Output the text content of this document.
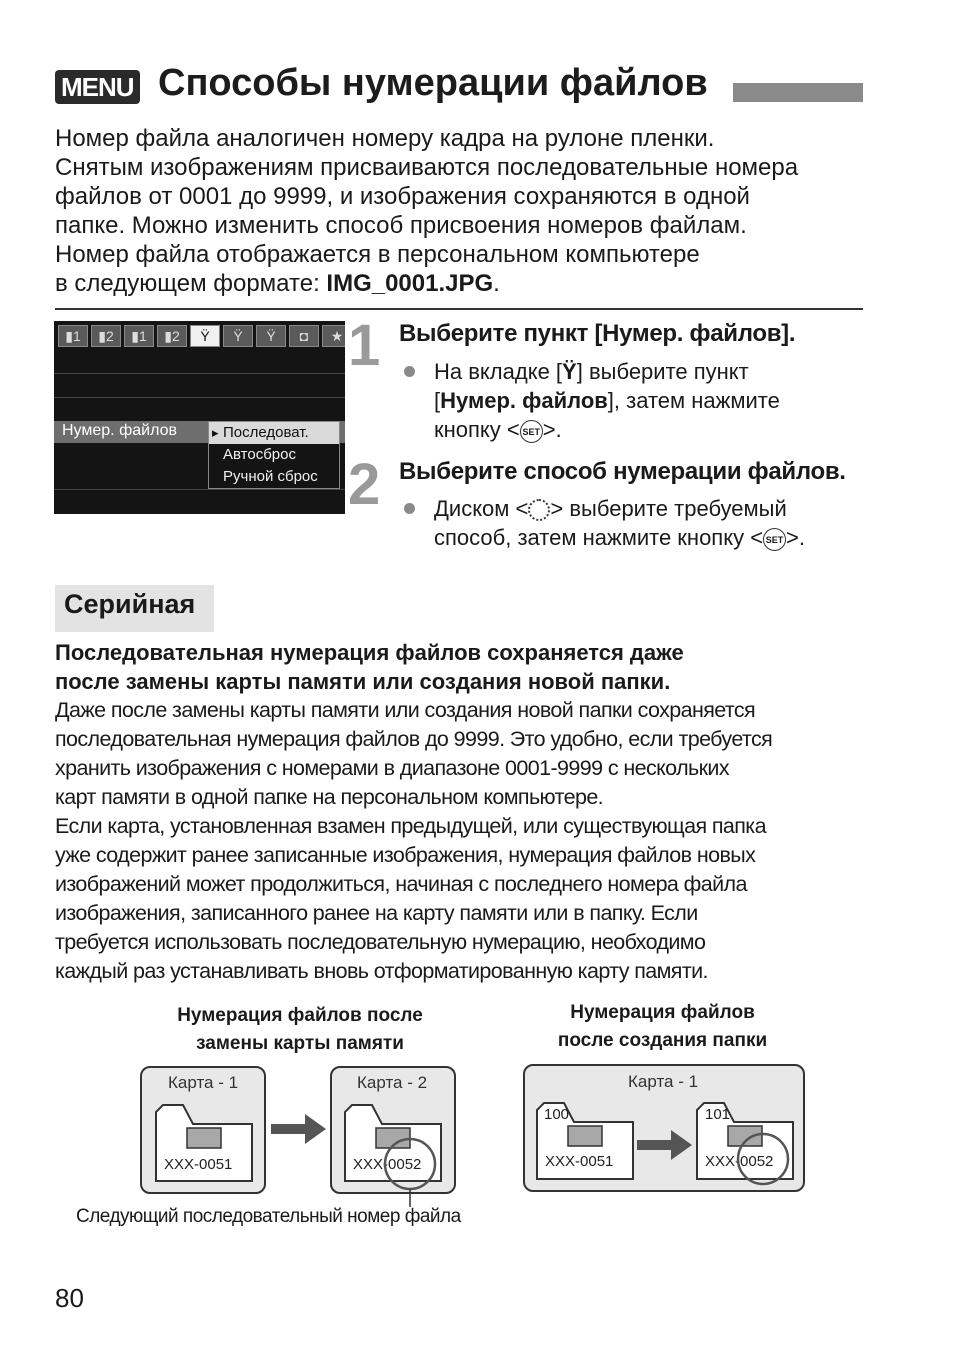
MENU Способы нумерации файлов
Номер файла аналогичен номеру кадра на рулоне пленки.
Снятым изображениям присваиваются последовательные номера
файлов от 0001 до 9999, и изображения сохраняются в одной
папке. Можно изменить способ присвоения номеров файлам.
Номер файла отображается в персональном компьютере
в следующем формате: IMG_0001.JPG.
▮1	▮2	▮1	▮2	Ϋ	Ϋ	Ϋ	◘	★
Нумер. файлов
▸	Последоват.
Автосброс
Ручной сброс
1 Выберите пункт [Нумер. файлов].
На вкладке [Ϋ] выберите пункт
[Нумер. файлов], затем нажмите
кнопку < SET >.
2 Выберите способ нумерации файлов.
Диском < > выберите требуемый
способ, затем нажмите кнопку < SET >.
Серийная
Последовательная нумерация файлов сохраняется даже
после замены карты памяти или создания новой папки.
Даже после замены карты памяти или создания новой папки сохраняется
последовательная нумерация файлов до 9999. Это удобно, если требуется
хранить изображения с номерами в диапазоне 0001-9999 с нескольких
карт памяти в одной папке на персональном компьютере.
Если карта, установленная взамен предыдущей, или существующая папка
уже содержит ранее записанные изображения, нумерация файлов новых
изображений может продолжиться, начиная с последнего номера файла
изображения, записанного ранее на карту памяти или в папку. Если
требуется использовать последовательную нумерацию, необходимо
каждый раз устанавливать вновь отформатированную карту памяти.
Нумерация файлов после
замены карты памяти
Карта - 1
XXX-0051
Карта - 2
XXX-0052
Следующий последовательный номер файла
Нумерация файлов
после создания папки
Карта - 1
100
XXX-0051
101
XXX-0052
80
